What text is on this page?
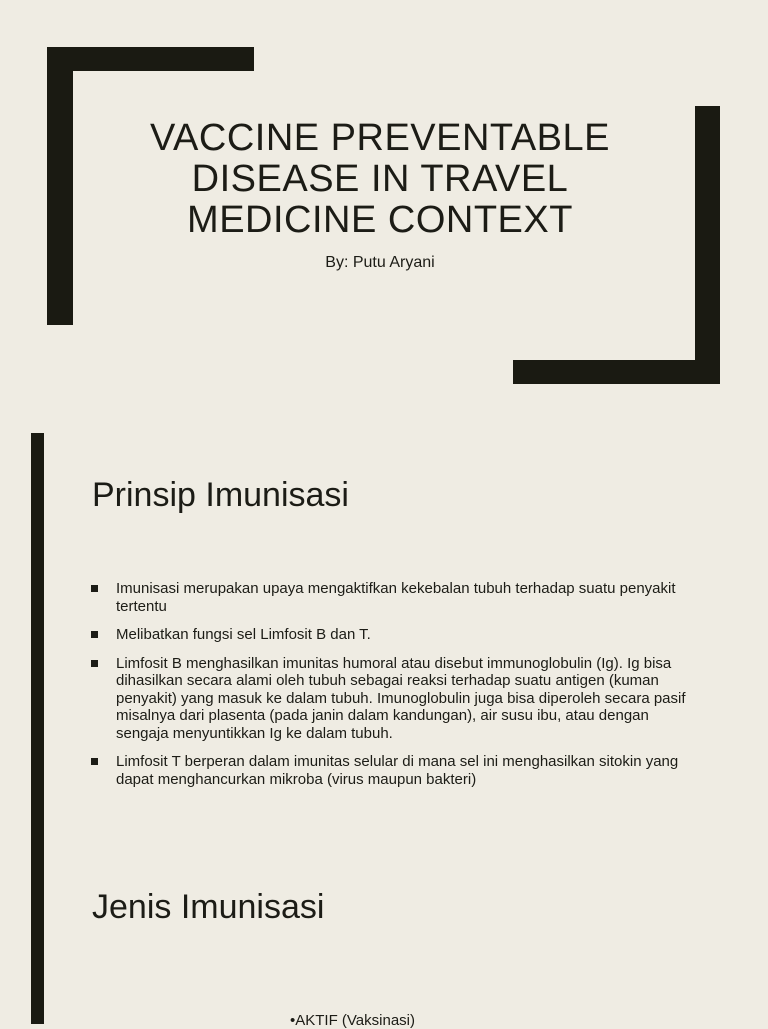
VACCINE PREVENTABLE DISEASE IN TRAVEL MEDICINE CONTEXT
By: Putu Aryani
Prinsip Imunisasi
Imunisasi merupakan upaya mengaktifkan kekebalan tubuh terhadap suatu penyakit tertentu
Melibatkan fungsi sel Limfosit B dan T.
Limfosit B menghasilkan imunitas humoral atau disebut immunoglobulin (Ig). Ig bisa dihasilkan secara alami oleh tubuh sebagai reaksi terhadap suatu antigen (kuman penyakit) yang masuk ke dalam tubuh. Imunoglobulin juga bisa diperoleh secara pasif misalnya dari plasenta (pada janin dalam kandungan), air susu ibu, atau dengan sengaja menyuntikkan Ig ke dalam tubuh.
Limfosit T berperan dalam imunitas selular di mana sel ini menghasilkan sitokin yang dapat menghancurkan mikroba (virus maupun bakteri)
Jenis Imunisasi
•AKTIF (Vaksinasi)
